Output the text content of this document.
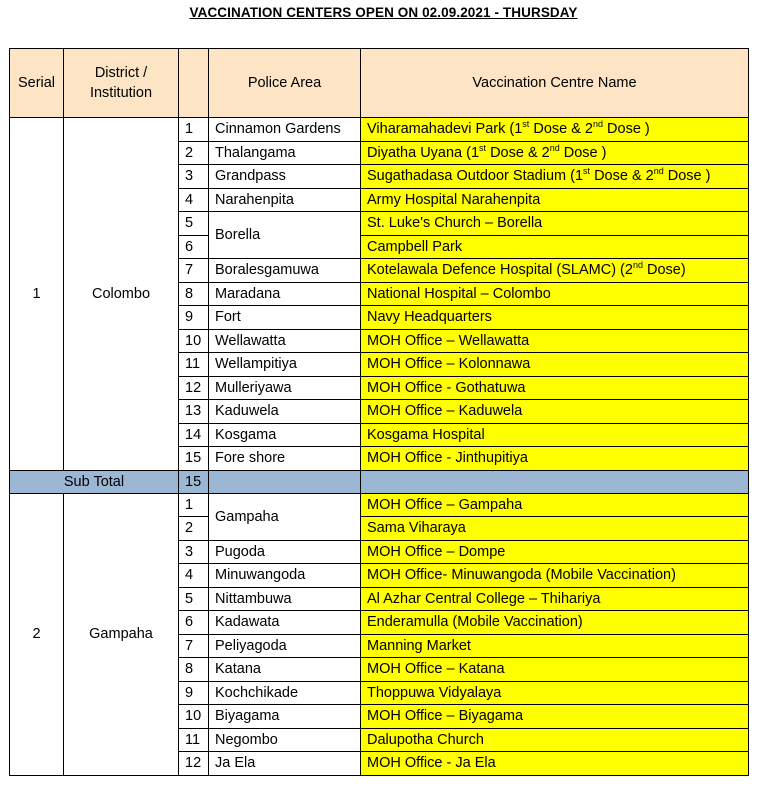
VACCINATION CENTERS OPEN ON 02.09.2021 - THURSDAY
Serial	District / Institution		Police Area	Vaccination Centre Name
1	Colombo	1	Cinnamon Gardens	Viharamahadevi Park (1st Dose & 2nd Dose )
		2	Thalangama	Diyatha Uyana (1st Dose & 2nd Dose )
		3	Grandpass	Sugathadasa Outdoor Stadium (1st Dose & 2nd Dose )
		4	Narahenpita	Army Hospital Narahenpita
		5	Borella	St. Luke's Church – Borella
		6		Campbell Park
		7	Boralesgamuwa	Kotelawala Defence Hospital (SLAMC) (2nd Dose)
		8	Maradana	National Hospital – Colombo
		9	Fort	Navy Headquarters
		10	Wellawatta	MOH Office – Wellawatta
		11	Wellampitiya	MOH Office – Kolonnawa
		12	Mulleriyawa	MOH Office - Gothatuwa
		13	Kaduwela	MOH Office – Kaduwela
		14	Kosgama	Kosgama Hospital
		15	Fore shore	MOH Office - Jinthupitiya
Sub Total		15		
2	Gampaha	1	Gampaha	MOH Office – Gampaha
		2		Sama Viharaya
		3	Pugoda	MOH Office – Dompe
		4	Minuwangoda	MOH Office- Minuwangoda (Mobile Vaccination)
		5	Nittambuwa	Al Azhar Central College – Thihariya
		6	Kadawata	Enderamulla (Mobile Vaccination)
		7	Peliyagoda	Manning Market
		8	Katana	MOH Office – Katana
		9	Kochchikade	Thoppuwa Vidyalaya
		10	Biyagama	MOH Office – Biyagama
		11	Negombo	Dalupotha Church
		12	Ja Ela	MOH Office - Ja Ela
